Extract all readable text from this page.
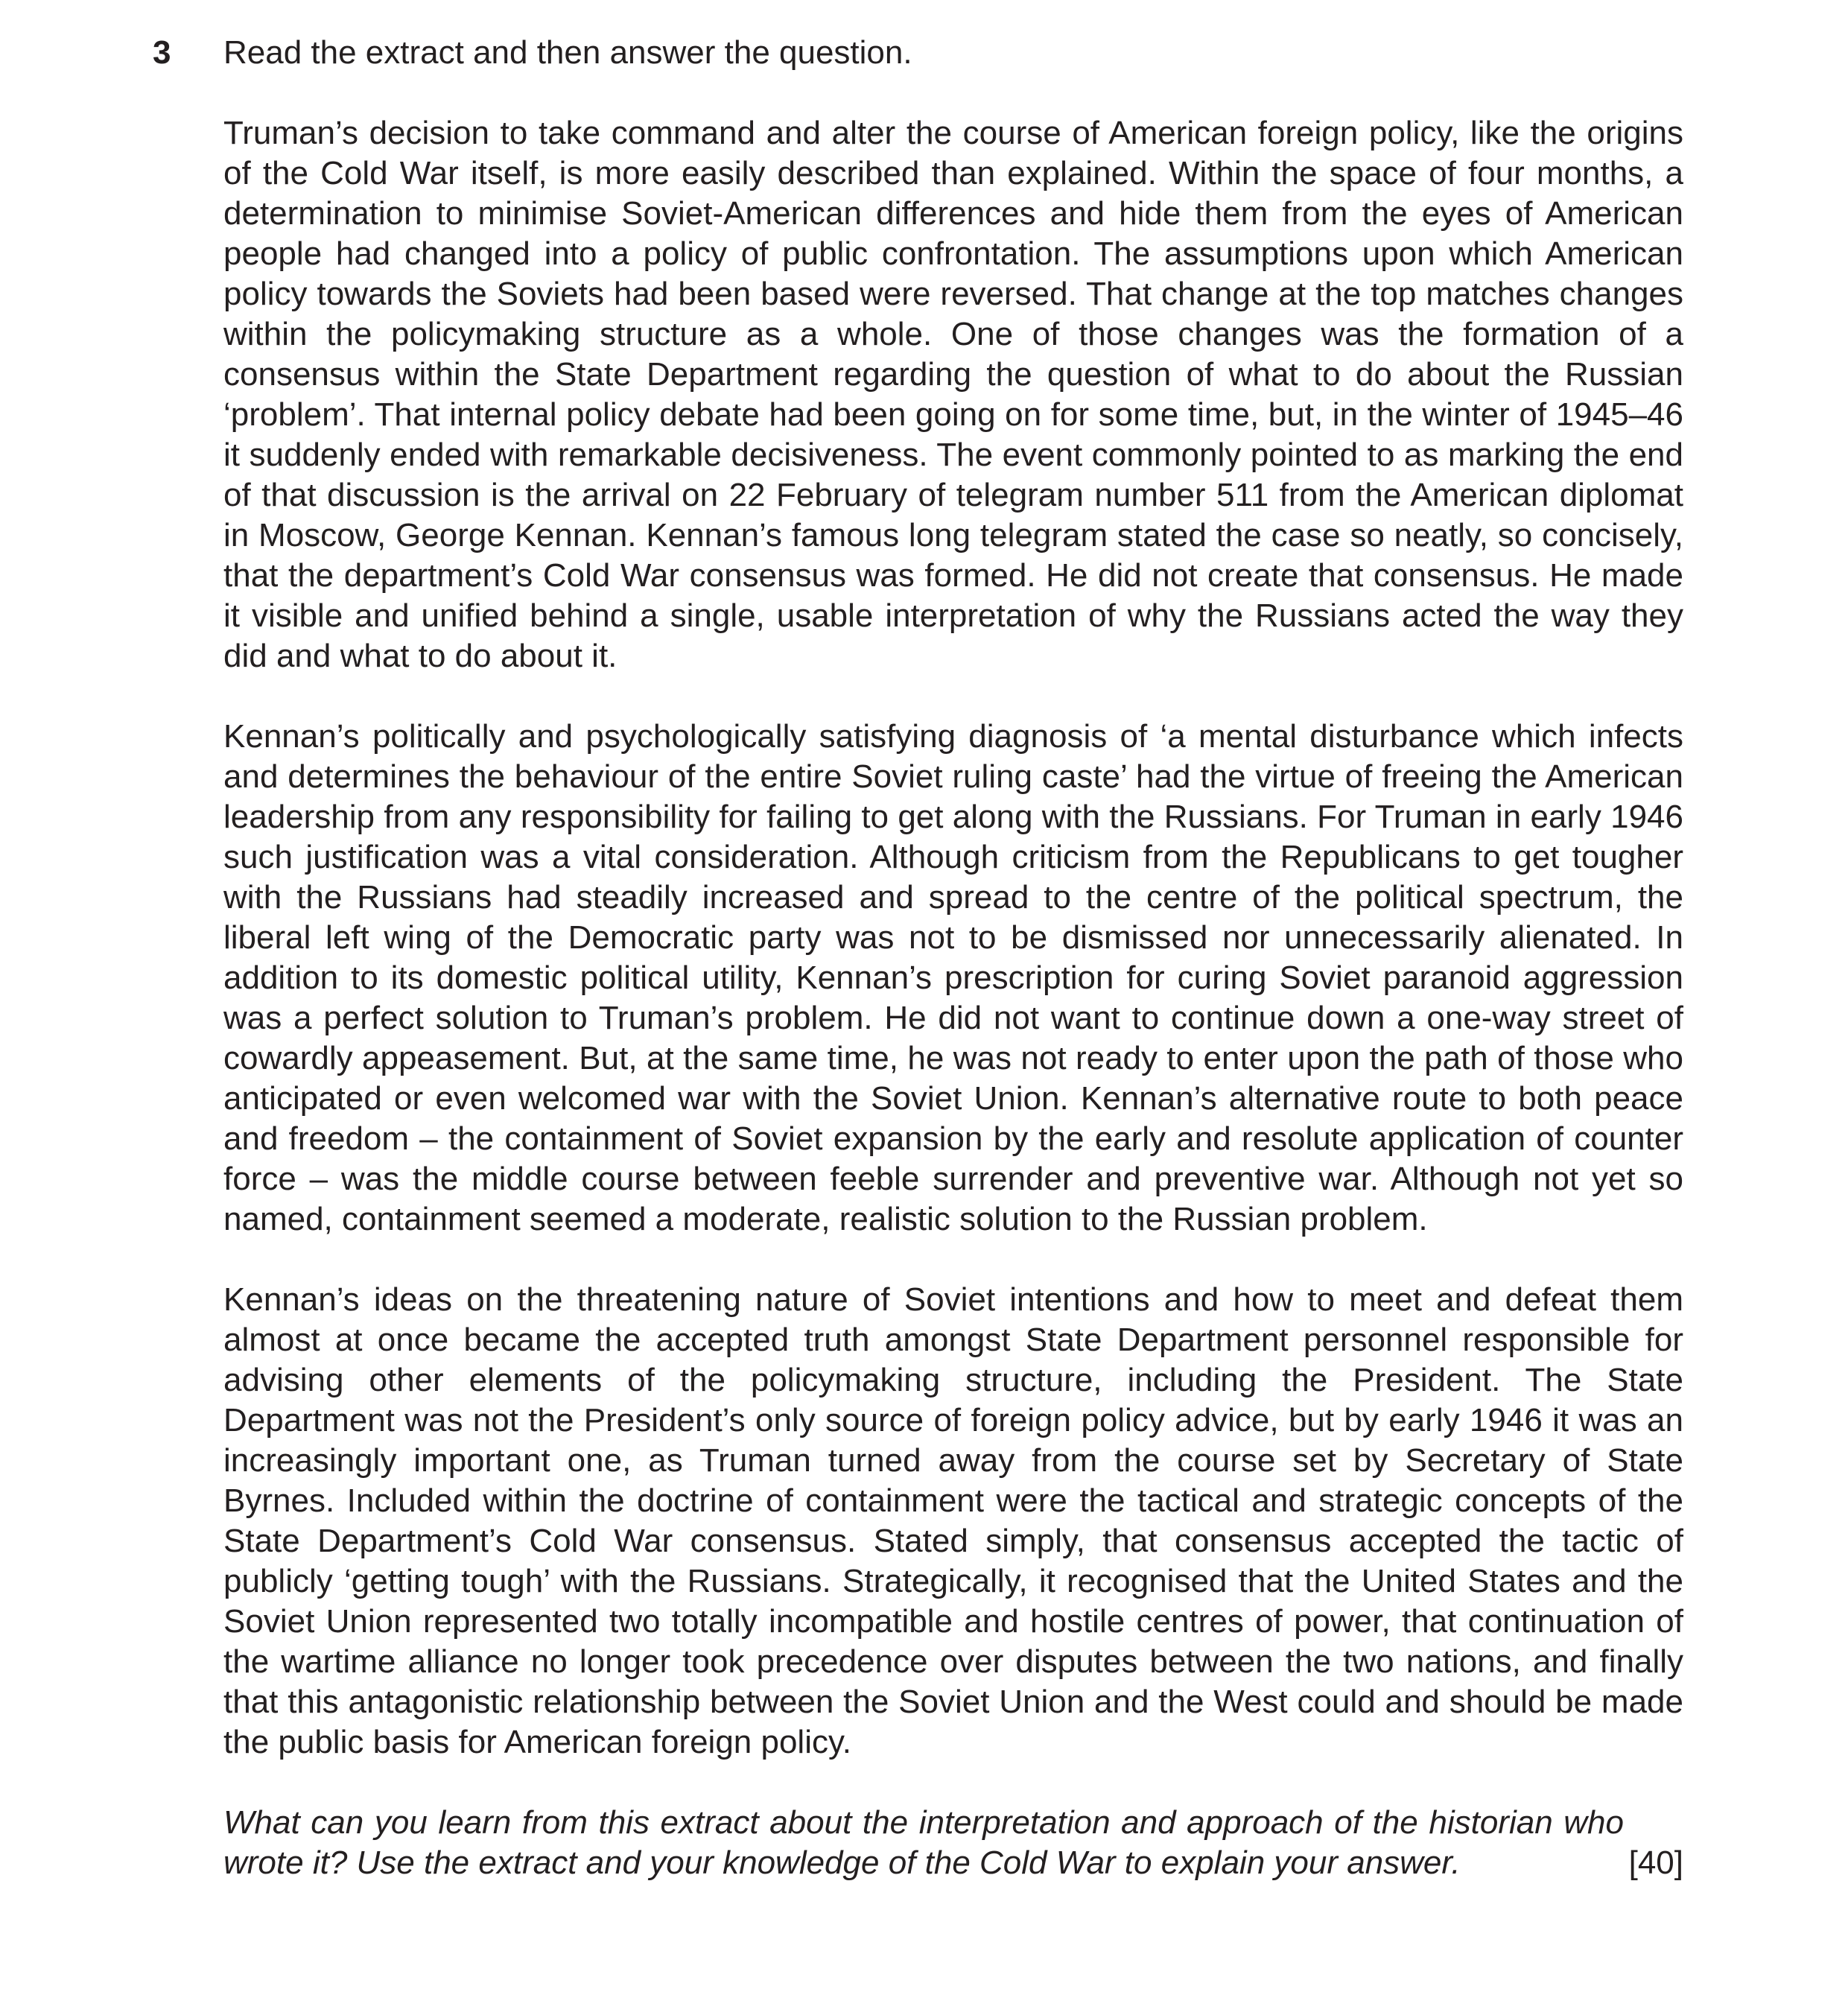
3 Read the extract and then answer the question.

Truman’s decision to take command and alter the course of American foreign policy, like the origins of the Cold War itself, is more easily described than explained. Within the space of four months, a determination to minimise Soviet-American differences and hide them from the eyes of American people had changed into a policy of public confrontation. The assumptions upon which American policy towards the Soviets had been based were reversed. That change at the top matches changes within the policymaking structure as a whole. One of those changes was the formation of a consensus within the State Department regarding the question of what to do about the Russian ‘problem’. That internal policy debate had been going on for some time, but, in the winter of 1945–46 it suddenly ended with remarkable decisiveness. The event commonly pointed to as marking the end of that discussion is the arrival on 22 February of telegram number 511 from the American diplomat in Moscow, George Kennan. Kennan’s famous long telegram stated the case so neatly, so concisely, that the department’s Cold War consensus was formed. He did not create that consensus. He made it visible and unified behind a single, usable interpretation of why the Russians acted the way they did and what to do about it.

Kennan’s politically and psychologically satisfying diagnosis of ‘a mental disturbance which infects and determines the behaviour of the entire Soviet ruling caste’ had the virtue of freeing the American leadership from any responsibility for failing to get along with the Russians. For Truman in early 1946 such justification was a vital consideration. Although criticism from the Republicans to get tougher with the Russians had steadily increased and spread to the centre of the political spectrum, the liberal left wing of the Democratic party was not to be dismissed nor unnecessarily alienated. In addition to its domestic political utility, Kennan’s prescription for curing Soviet paranoid aggression was a perfect solution to Truman’s problem. He did not want to continue down a one-way street of cowardly appeasement. But, at the same time, he was not ready to enter upon the path of those who anticipated or even welcomed war with the Soviet Union. Kennan’s alternative route to both peace and freedom – the containment of Soviet expansion by the early and resolute application of counter force – was the middle course between feeble surrender and preventive war. Although not yet so named, containment seemed a moderate, realistic solution to the Russian problem.

Kennan’s ideas on the threatening nature of Soviet intentions and how to meet and defeat them almost at once became the accepted truth amongst State Department personnel responsible for advising other elements of the policymaking structure, including the President. The State Department was not the President’s only source of foreign policy advice, but by early 1946 it was an increasingly important one, as Truman turned away from the course set by Secretary of State Byrnes. Included within the doctrine of containment were the tactical and strategic concepts of the State Department’s Cold War consensus. Stated simply, that consensus accepted the tactic of publicly ‘getting tough’ with the Russians. Strategically, it recognised that the United States and the Soviet Union represented two totally incompatible and hostile centres of power, that continuation of the wartime alliance no longer took precedence over disputes between the two nations, and finally that this antagonistic relationship between the Soviet Union and the West could and should be made the public basis for American foreign policy.

What can you learn from this extract about the interpretation and approach of the historian who wrote it? Use the extract and your knowledge of the Cold War to explain your answer.	[40]
